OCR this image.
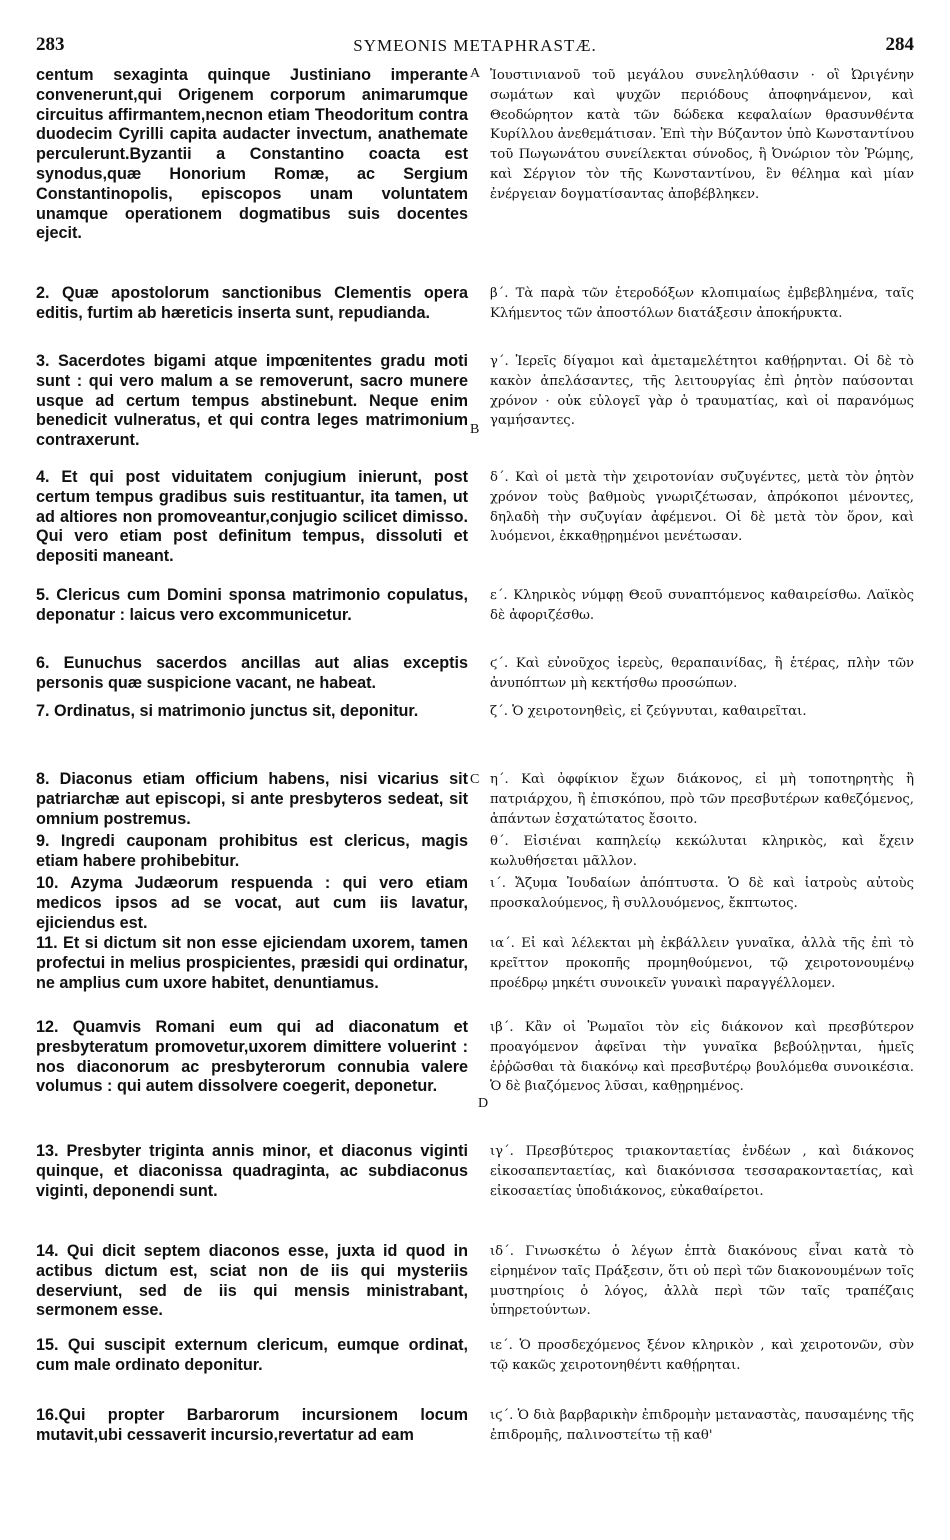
283	SYMEONIS METAPHRASTÆ.	284
A
B
C
D

centum sexaginta quinque Justiniano imperante convenerunt,qui Origenem corporum animarumque circuitus affirmantem,necnon etiam Theodoritum contra duodecim Cyrilli capita audacter invectum, anathemate perculerunt.Byzantii a Constantino coacta est synodus,quæ Honorium Romæ, ac Sergium Constantinopolis, episcopos unam voluntatem unamque operationem dogmatibus suis docentes ejecit.

2. Quæ apostolorum sanctionibus Clementis opera editis, furtim ab hæreticis inserta sunt, repudianda.

3. Sacerdotes bigami atque impœnitentes gradu moti sunt : qui vero malum a se removerunt, sacro munere usque ad certum tempus abstinebunt. Neque enim benedicit vulneratus, et qui contra leges matrimonium contraxerunt.

4. Et qui post viduitatem conjugium inierunt, post certum tempus gradibus suis restituantur, ita tamen, ut ad altiores non promoveantur,conjugio scilicet dimisso. Qui vero etiam post definitum tempus, dissoluti et depositi maneant.

5. Clericus cum Domini sponsa matrimonio copulatus, deponatur : laicus vero excommunicetur.

6. Eunuchus sacerdos ancillas aut alias exceptis personis quæ suspicione vacant, ne habeat.

7. Ordinatus, si matrimonio junctus sit, deponitur.

8. Diaconus etiam officium habens, nisi vicarius sit patriarchæ aut episcopi, si ante presbyteros sedeat, sit omnium postremus.

9. Ingredi cauponam prohibitus est clericus, magis etiam habere prohibebitur.

10. Azyma Judæorum respuenda : qui vero etiam medicos ipsos ad se vocat, aut cum iis lavatur, ejiciendus est.

11. Et si dictum sit non esse ejiciendam uxorem, tamen profectui in melius prospicientes, præsidi qui ordinatur, ne amplius cum uxore habitet, denuntiamus.

12. Quamvis Romani eum qui ad diaconatum et presbyteratum promovetur,uxorem dimittere voluerint : nos diaconorum ac presbyterorum connubia valere volumus : qui autem dissolvere coegerit, deponetur.

13. Presbyter triginta annis minor, et diaconus viginti quinque, et diaconissa quadraginta, ac subdiaconus viginti, deponendi sunt.

14. Qui dicit septem diaconos esse, juxta id quod in actibus dictum est, sciat non de iis qui mysteriis deserviunt, sed de iis qui mensis ministrabant, sermonem esse.

15. Qui suscipit externum clericum, eumque ordinat, cum male ordinato deponitur.

16.Qui propter Barbarorum incursionem locum mutavit,ubi cessaverit incursio,revertatur ad eam

Ἰουστινιανοῦ τοῦ μεγάλου συνεληλύθασιν · οἳ Ὠριγένην σωμάτων καὶ ψυχῶν περιόδους ἀποφηνάμενον, καὶ Θεοδώρητον κατὰ τῶν δώδεκα κεφαλαίων θρασυνθέντα Κυρίλλου ἀνεθεμάτισαν. Ἐπὶ τὴν Βύζαντον ὑπὸ Κωνσταντίνου τοῦ Πωγωνάτου συνείλεκται σύνοδος, ἣ Ὀνώριον τὸν Ῥώμης, καὶ Σέργιον τὸν τῆς Κωνσταντίνου, ἓν θέλημα καὶ μίαν ἐνέργειαν δογματίσαντας ἀποβέβληκεν.

β΄. Τὰ παρὰ τῶν ἑτεροδόξων κλοπιμαίως ἐμβεβλημένα, ταῖς Κλήμεντος τῶν ἀποστόλων διατάξεσιν ἀποκήρυκτα.

γ΄. Ἱερεῖς δίγαμοι καὶ ἀμεταμελέτητοι καθῄρηνται. Οἱ δὲ τὸ κακὸν ἀπελάσαντες, τῆς λειτουργίας ἐπὶ ῥητὸν παύσονται χρόνον · οὐκ εὐλογεῖ γὰρ ὁ τραυματίας, καὶ οἱ παρανόμως γαμήσαντες.

δ΄. Καὶ οἱ μετὰ τὴν χειροτονίαν συζυγέντες, μετὰ τὸν ῥητὸν χρόνον τοὺς βαθμοὺς γνωριζέτωσαν, ἀπρόκοποι μένοντες, δηλαδὴ τὴν συζυγίαν ἀφέμενοι. Οἱ δὲ μετὰ τὸν ὅρον, καὶ λυόμενοι, ἐκκαθῃρημένοι μενέτωσαν.

ε΄. Κληρικὸς νύμφῃ Θεοῦ συναπτόμενος καθαιρείσθω. Λαϊκὸς δὲ ἀφοριζέσθω.

ϛ΄. Καὶ εὐνοῦχος ἱερεὺς, θεραπαινίδας, ἢ ἑτέρας, πλὴν τῶν ἀνυπόπτων μὴ κεκτήσθω προσώπων.

ζ΄. Ὁ χειροτονηθεὶς, εἰ ζεύγνυται, καθαιρεῖται.

η΄. Καὶ ὀφφίκιον ἔχων διάκονος, εἰ μὴ τοποτηρητὴς ἢ πατριάρχου, ἢ ἐπισκόπου, πρὸ τῶν πρεσβυτέρων καθεζόμενος, ἁπάντων ἐσχατώτατος ἔσοιτο.

θ΄. Εἰσιέναι καπηλείῳ κεκώλυται κληρικὸς, καὶ ἔχειν κωλυθήσεται μᾶλλον.

ι΄. Ἄζυμα Ἰουδαίων ἀπόπτυστα. Ὁ δὲ καὶ ἰατροὺς αὐτοὺς προσκαλούμενος, ἢ συλλουόμενος, ἔκπτωτος.

ια΄. Εἰ καὶ λέλεκται μὴ ἐκβάλλειν γυναῖκα, ἀλλὰ τῆς ἐπὶ τὸ κρεῖττον προκοπῆς προμηθούμενοι, τῷ χειροτονουμένῳ προέδρῳ μηκέτι συνοικεῖν γυναικὶ παραγγέλλομεν.

ιβ΄. Κἂν οἱ Ῥωμαῖοι τὸν εἰς διάκονον καὶ πρεσβύτερον προαγόμενον ἀφεῖναι τὴν γυναῖκα βεβούλῃνται, ἡμεῖς ἐῤῥῶσθαι τὰ διακόνῳ καὶ πρεσβυτέρῳ βουλόμεθα συνοικέσια. Ὁ δὲ βιαζόμενος λῦσαι, καθῃρημένος.

ιγ΄. Πρεσβύτερος τριακονταετίας ἐνδέων , καὶ διάκονος εἰκοσαπενταετίας, καὶ διακόνισσα τεσσαρακονταετίας, καὶ εἰκοσαετίας ὑποδιάκονος, εὐκαθαίρετοι.

ιδ΄. Γινωσκέτω ὁ λέγων ἑπτὰ διακόνους εἶναι κατὰ τὸ εἰρημένον ταῖς Πράξεσιν, ὅτι οὐ περὶ τῶν διακονουμένων τοῖς μυστηρίοις ὁ λόγος, ἀλλὰ περὶ τῶν ταῖς τραπέζαις ὑπηρετούντων.

ιε΄. Ὁ προσδεχόμενος ξένον κληρικὸν , καὶ χειροτονῶν, σὺν τῷ κακῶς χειροτονηθέντι καθῄρηται.

ιϛ΄. Ὁ διὰ βαρβαρικὴν ἐπιδρομὴν μεταναστὰς, παυσαμένης τῆς ἐπιδρομῆς, παλινοστείτω τῇ καθ'
